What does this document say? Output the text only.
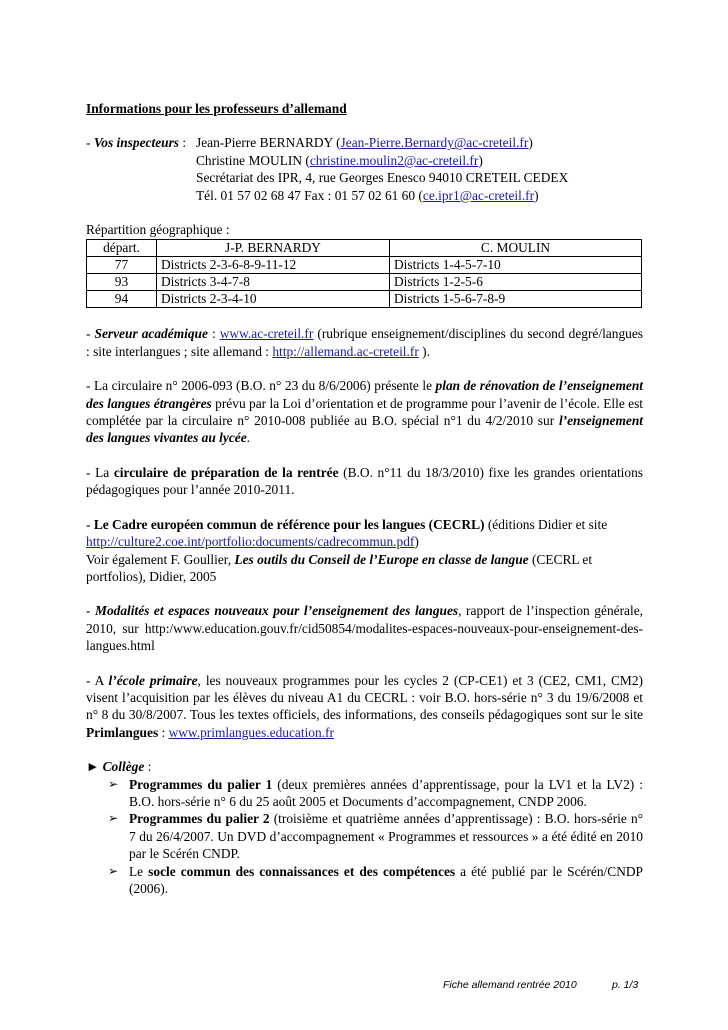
Informations pour les professeurs d’allemand
- Vos inspecteurs : Jean-Pierre BERNARDY (Jean-Pierre.Bernardy@ac-creteil.fr)
Christine MOULIN (christine.moulin2@ac-creteil.fr)
Secrétariat des IPR, 4, rue Georges Enesco 94010 CRETEIL CEDEX
Tél. 01 57 02 68 47 Fax : 01 57 02 61 60 (ce.ipr1@ac-creteil.fr)
Répartition géographique :
départ.	J-P. BERNARDY	C. MOULIN
77	Districts 2-3-6-8-9-11-12	Districts 1-4-5-7-10
93	Districts 3-4-7-8	Districts 1-2-5-6
94	Districts 2-3-4-10	Districts 1-5-6-7-8-9
- Serveur académique : www.ac-creteil.fr (rubrique enseignement/disciplines du second degré/langues : site interlangues ; site allemand : http://allemand.ac-creteil.fr ).
- La circulaire n° 2006-093 (B.O. n° 23 du 8/6/2006) présente le plan de rénovation de l’enseignement des langues étrangères prévu par la Loi d’orientation et de programme pour l’avenir de l’école. Elle est complétée par la circulaire n° 2010-008 publiée au B.O. spécial n°1 du 4/2/2010 sur l’enseignement des langues vivantes au lycée.
- La circulaire de préparation de la rentrée (B.O. n°11 du 18/3/2010) fixe les grandes orientations pédagogiques pour l’année 2010-2011.
- Le Cadre européen commun de référence pour les langues (CECRL) (éditions Didier et site http://culture2.coe.int/portfolio:documents/cadrecommun.pdf)
Voir également F. Goullier, Les outils du Conseil de l’Europe en classe de langue (CECRL et portfolios), Didier, 2005
- Modalités et espaces nouveaux pour l’enseignement des langues, rapport de l’inspection générale, 2010, sur http:/www.education.gouv.fr/cid50854/modalites-espaces-nouveaux-pour-enseignement-des-langues.html
- A l’école primaire, les nouveaux programmes pour les cycles 2 (CP-CE1) et 3 (CE2, CM1, CM2) visent l’acquisition par les élèves du niveau A1 du CECRL : voir B.O. hors-série n° 3 du 19/6/2008 et n° 8 du 30/8/2007. Tous les textes officiels, des informations, des conseils pédagogiques sont sur le site Primlangues : www.primlangues.education.fr
► Collège :
➢ Programmes du palier 1 (deux premières années d’apprentissage, pour la LV1 et la LV2) : B.O. hors-série n° 6 du 25 août 2005 et Documents d’accompagnement, CNDP 2006.
➢ Programmes du palier 2 (troisième et quatrième années d’apprentissage) : B.O. hors-série n° 7 du 26/4/2007. Un DVD d’accompagnement « Programmes et ressources » a été édité en 2010 par le Scérén CNDP.
➢ Le socle commun des connaissances et des compétences a été publié par le Scérén/CNDP (2006).
Fiche allemand rentrée 2010	p. 1/3
